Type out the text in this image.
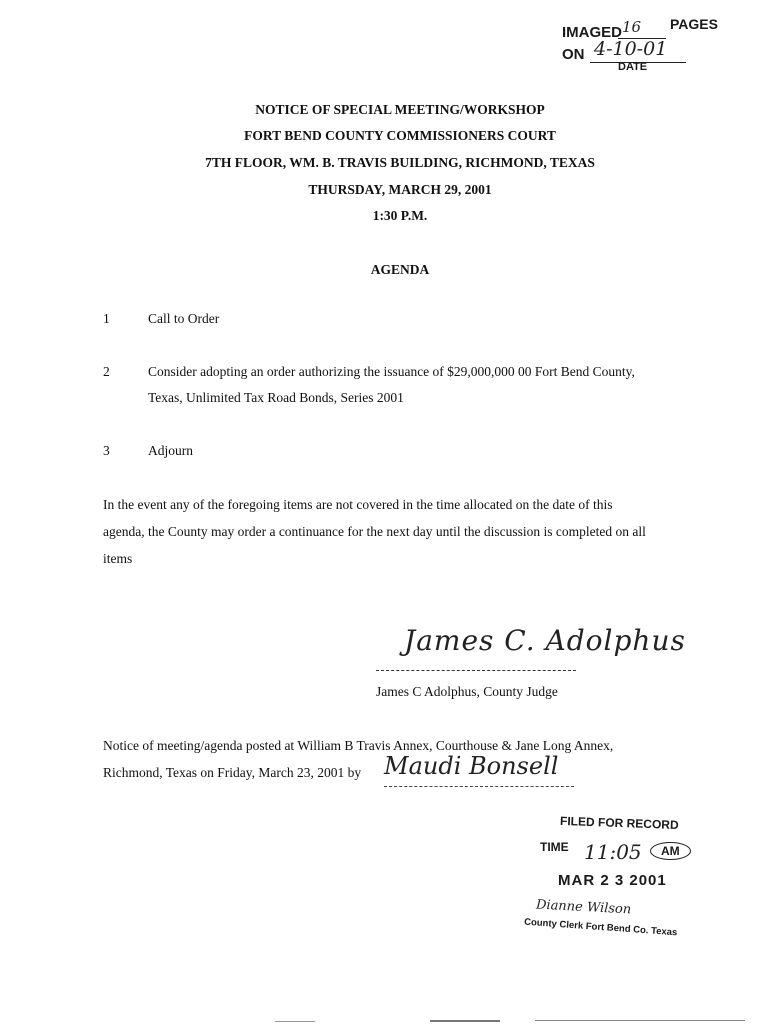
IMAGED 16 PAGES
ON 4-10-01
DATE
NOTICE OF SPECIAL MEETING/WORKSHOP
FORT BEND COUNTY COMMISSIONERS COURT
7TH FLOOR, WM. B. TRAVIS BUILDING, RICHMOND, TEXAS
THURSDAY, MARCH 29, 2001
1:30 P.M.
AGENDA
1	Call to Order
2	Consider adopting an order authorizing the issuance of $29,000,000 00 Fort Bend County,
Texas, Unlimited Tax Road Bonds, Series 2001
3	Adjourn
In the event any of the foregoing items are not covered in the time allocated on the date of this
agenda, the County may order a continuance for the next day until the discussion is completed on all
items
James C. Adolphus
James C Adolphus, County Judge
Notice of meeting/agenda posted at William B Travis Annex, Courthouse & Jane Long Annex,
Richmond, Texas on Friday, March 23, 2001 by Maudi Bonsell
FILED FOR RECORD
TIME 11:05	AM
MAR 2 3 2001
Dianne Wilson
County Clerk Fort Bend Co. Texas
